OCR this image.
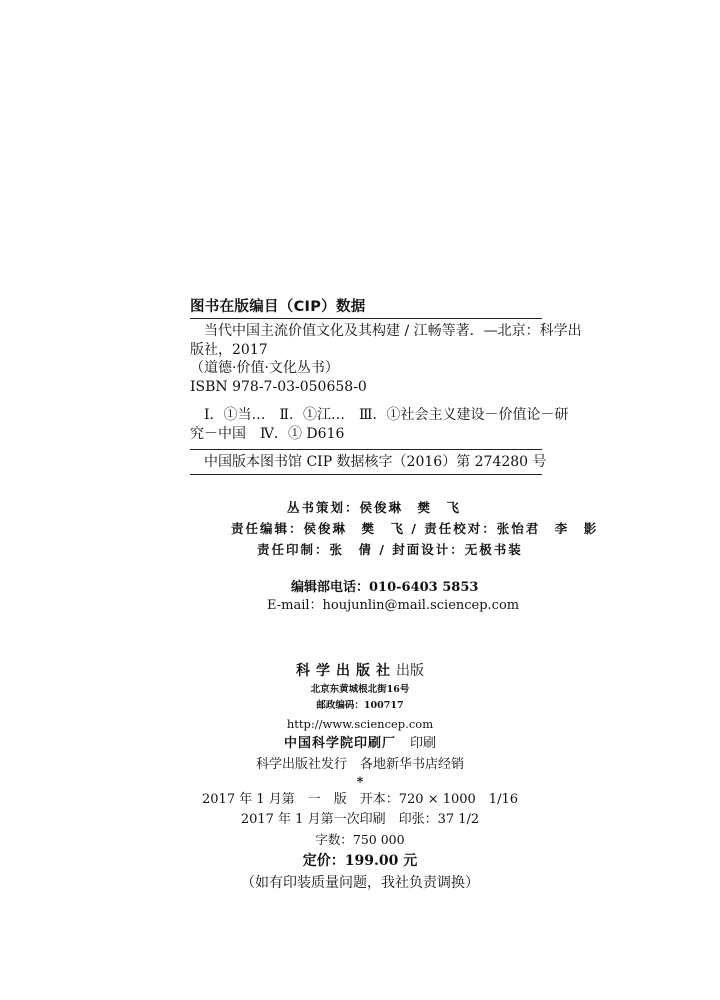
图书在版编目（CIP）数据
当代中国主流价值文化及其构建 / 江畅等著．—北京：科学出
版社，2017
（道德·价值·文化丛书）
ISBN 978-7-03-050658-0
Ⅰ．①当…　Ⅱ．①江…　Ⅲ．①社会主义建设－价值论－研
究－中国　Ⅳ．① D616
中国版本图书馆 CIP 数据核字（2016）第 274280 号
丛书策划：侯俊琳　樊　飞
责任编辑：侯俊琳　樊　飞 / 责任校对：张怡君　李　影
责任印制：张　倩 / 封面设计：无极书装
编辑部电话：010-6403 5853
E-mail：houjunlin@mail.sciencep.com
科学出版社出版
北京东黄城根北街16号
邮政编码：100717
http://www.sciencep.com
中国科学院印刷厂　 印刷
科学出版社发行　各地新华书店经销
*
2017 年 1 月第　一　版　开本：720 × 1000　1/16
2017 年 1 月第一次印刷　印张：37 1/2
字数：750 000
定价：199.00 元
（如有印装质量问题，我社负责调换）
